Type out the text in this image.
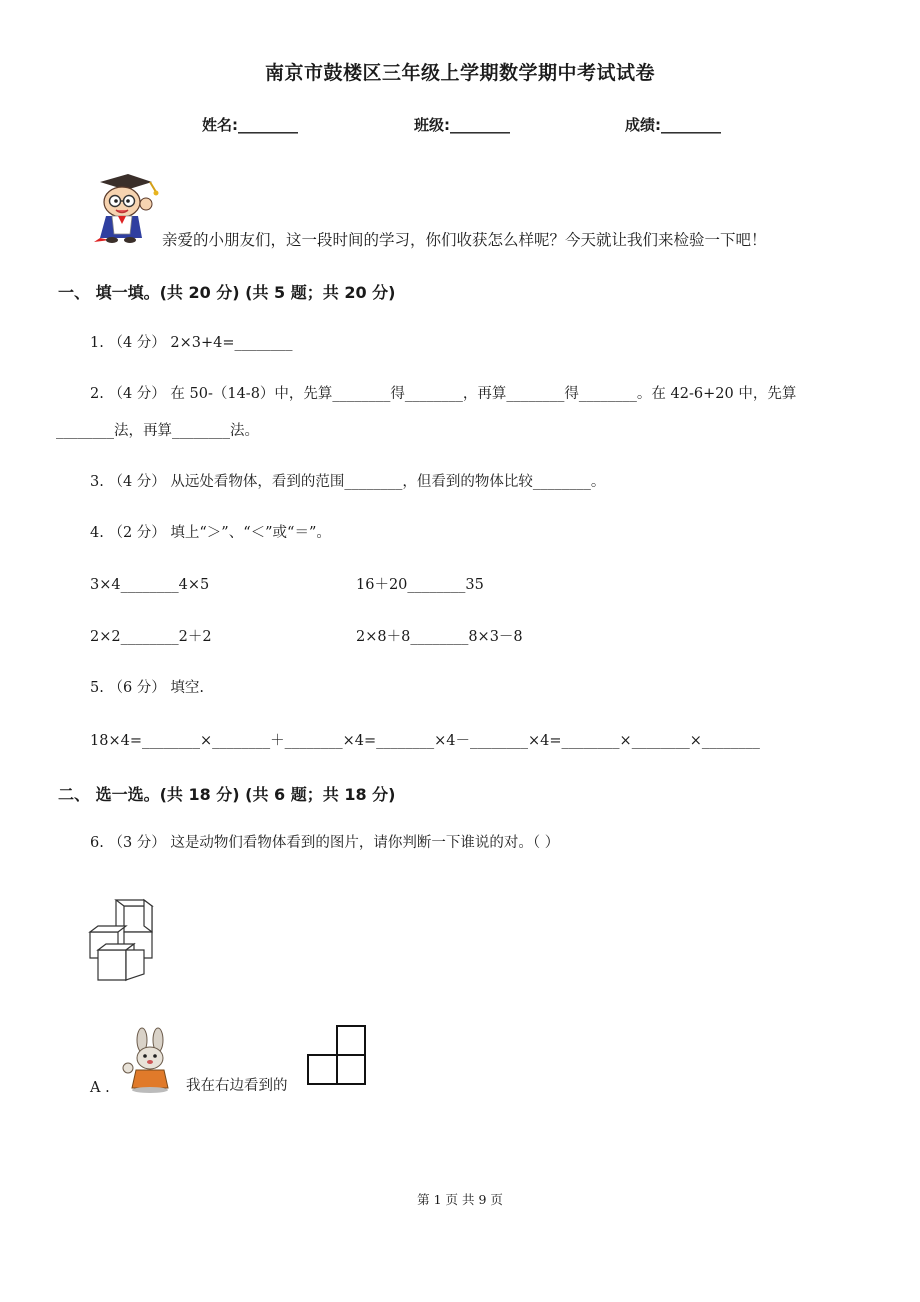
南京市鼓楼区三年级上学期数学期中考试试卷
姓名:________	班级:________	成绩:________
亲爱的小朋友们，这一段时间的学习，你们收获怎么样呢？今天就让我们来检验一下吧！
一、 填一填。(共 20 分) (共 5 题；共 20 分)
1. （4 分） 2×3+4=________
2. （4 分） 在 50-（14-8）中，先算________得________，再算________得________。在 42-6+20 中，先算
________法，再算________法。
3. （4 分） 从远处看物体，看到的范围________，但看到的物体比较________。
4. （2 分） 填上“＞”、“＜”或“＝”。
3×4________4×5	16＋20________35
2×2________2＋2	2×8＋8________8×3－8
5. （6 分） 填空.
18×4=________×________＋________×4=________×4－________×4=________×________×________
二、 选一选。(共 18 分) (共 6 题；共 18 分)
6. （3 分） 这是动物们看物体看到的图片，请你判断一下谁说的对。（ ）
A .	我在右边看到的
第 1 页 共 9 页
